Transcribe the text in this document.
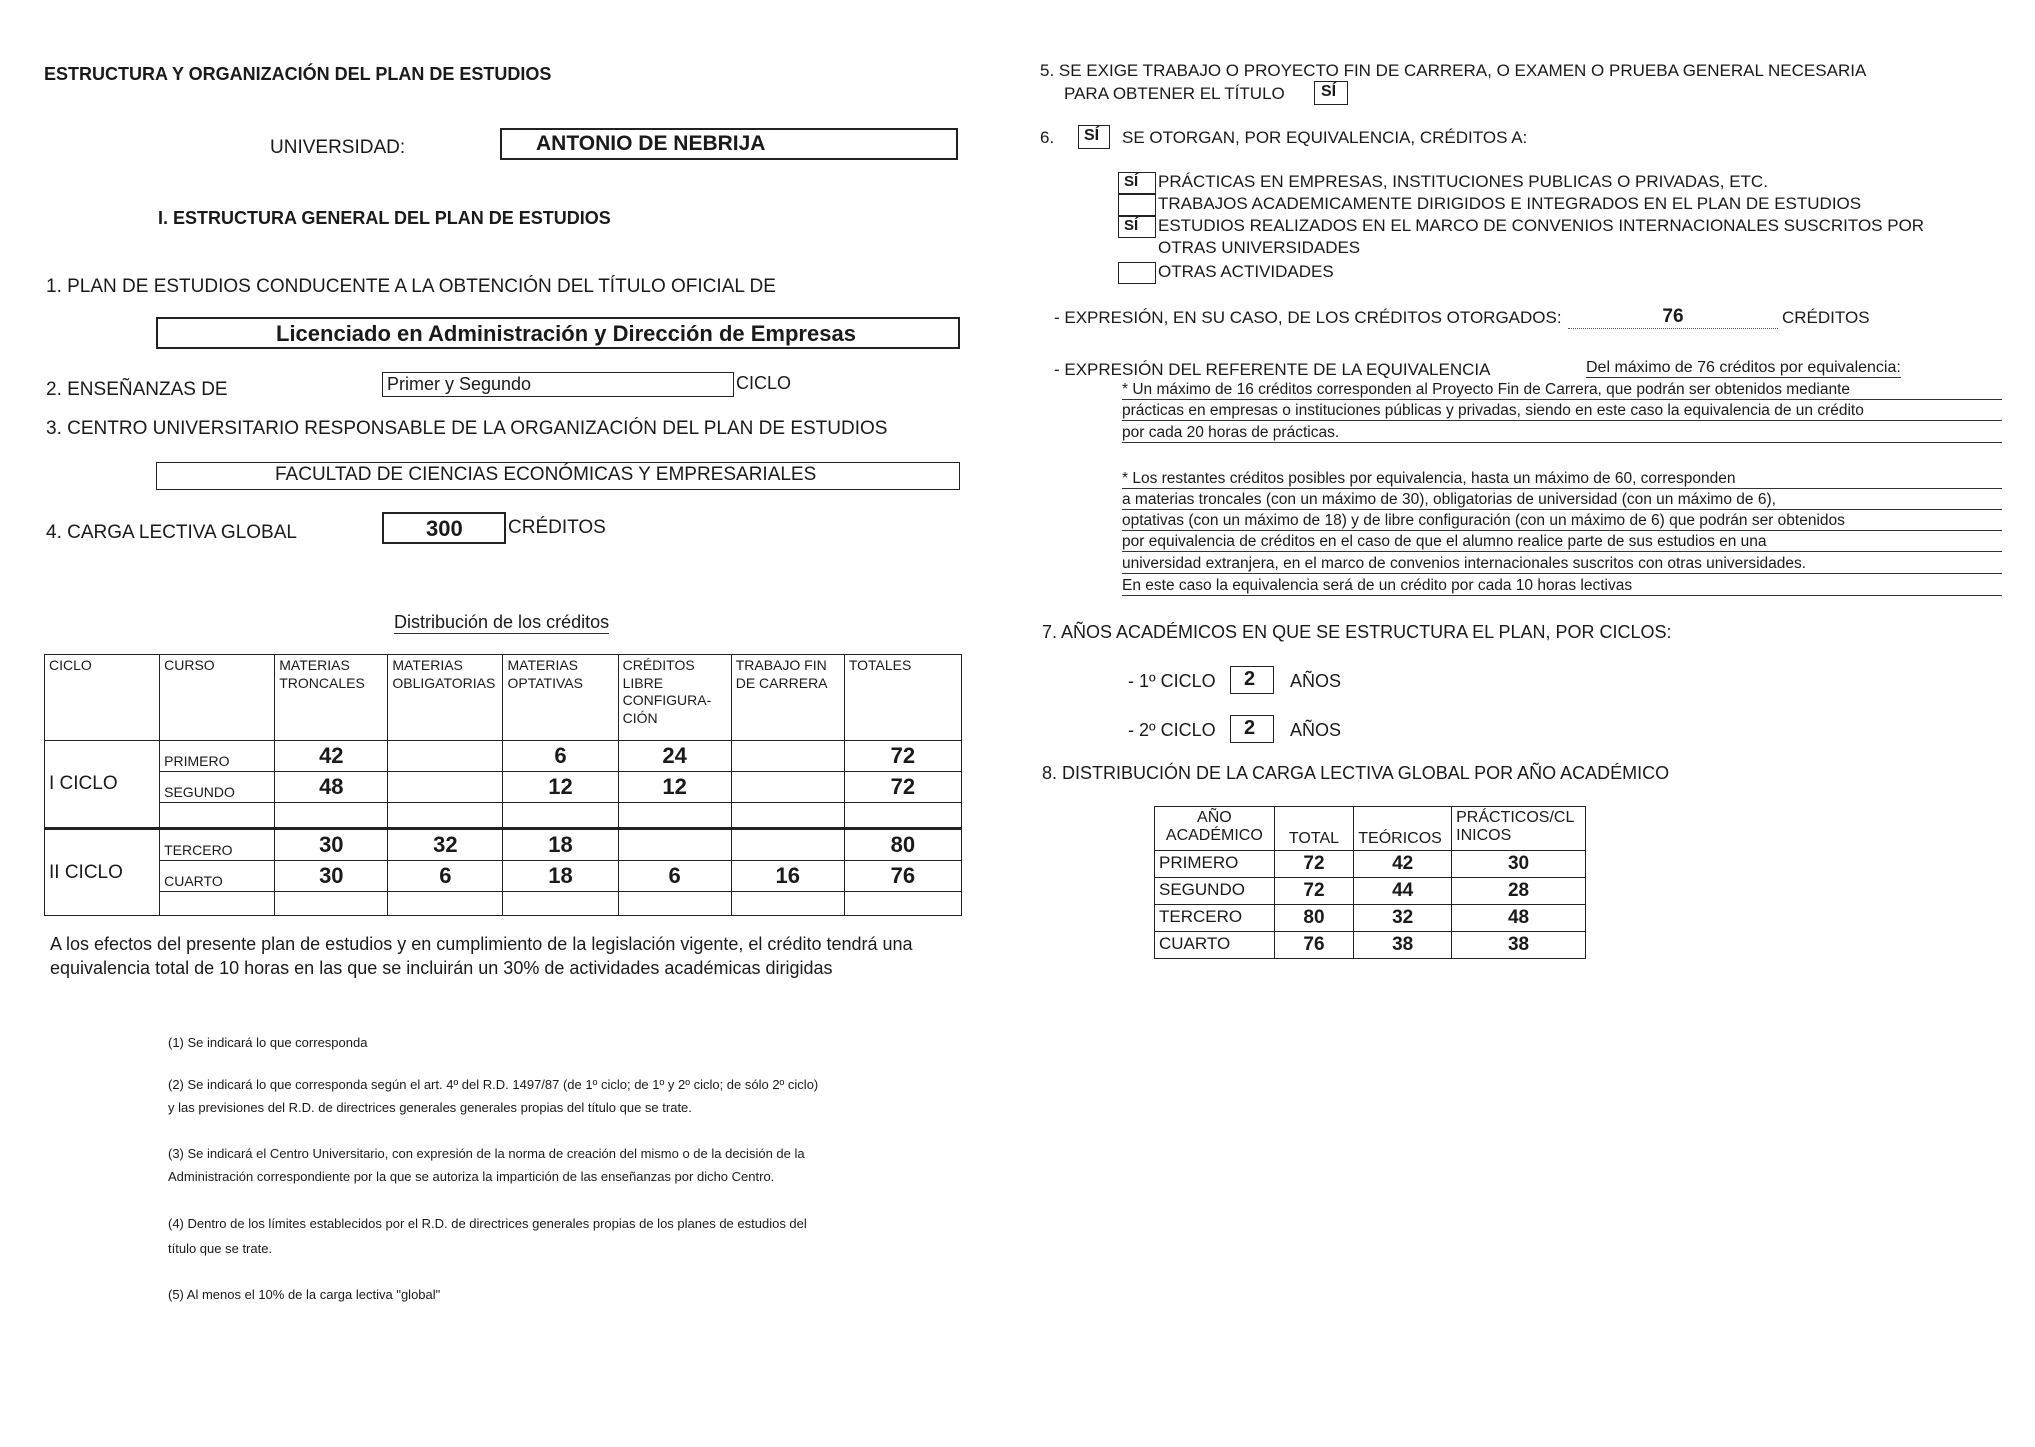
ESTRUCTURA Y ORGANIZACIÓN DEL PLAN DE ESTUDIOS
UNIVERSIDAD:	ANTONIO DE NEBRIJA
I. ESTRUCTURA GENERAL DEL PLAN DE ESTUDIOS
1. PLAN DE ESTUDIOS CONDUCENTE A LA OBTENCIÓN DEL TÍTULO OFICIAL DE
Licenciado en Administración y Dirección de Empresas
2. ENSEÑANZAS DE	Primer y Segundo	CICLO
3. CENTRO UNIVERSITARIO RESPONSABLE DE LA ORGANIZACIÓN DEL PLAN DE ESTUDIOS
FACULTAD DE CIENCIAS ECONÓMICAS Y EMPRESARIALES
4. CARGA LECTIVA GLOBAL	300 CRÉDITOS
Distribución de los créditos
CICLO	CURSO	MATERIAS TRONCALES	MATERIAS OBLIGATORIAS	MATERIAS OPTATIVAS	CRÉDITOS LIBRE CONFIGURA- CIÓN	TRABAJO FIN DE CARRERA	TOTALES
I CICLO	PRIMERO	42		6	24		72
	SEGUNDO	48		12	12		72

II CICLO	TERCERO	30	32	18			80
	CUARTO	30	6	18	6	16	76

A los efectos del presente plan de estudios y en cumplimiento de la legislación vigente, el crédito tendrá una
equivalencia total de 10 horas en las que se incluirán un 30% de actividades académicas dirigidas
(1) Se indicará lo que corresponda
(2) Se indicará lo que corresponda según el art. 4º del R.D. 1497/87 (de 1º ciclo; de 1º y 2º ciclo; de sólo 2º ciclo)
y las previsiones del R.D. de directrices generales generales propias del título que se trate.
(3) Se indicará el Centro Universitario, con expresión de la norma de creación del mismo o de la decisión de la
Administración correspondiente por la que se autoriza la impartición de las enseñanzas por dicho Centro.
(4) Dentro de los límites establecidos por el R.D. de directrices generales propias de los planes de estudios del
título que se trate.
(5) Al menos el 10% de la carga lectiva "global"
5. SE EXIGE TRABAJO O PROYECTO FIN DE CARRERA, O EXAMEN O PRUEBA GENERAL NECESARIA
PARA OBTENER EL TÍTULO SÍ
6. SÍ SE OTORGAN, POR EQUIVALENCIA, CRÉDITOS A:
SÍ PRÁCTICAS EN EMPRESAS, INSTITUCIONES PUBLICAS O PRIVADAS, ETC.
TRABAJOS ACADEMICAMENTE DIRIGIDOS E INTEGRADOS EN EL PLAN DE ESTUDIOS
SÍ ESTUDIOS REALIZADOS EN EL MARCO DE CONVENIOS INTERNACIONALES SUSCRITOS POR
OTRAS UNIVERSIDADES
OTRAS ACTIVIDADES
- EXPRESIÓN, EN SU CASO, DE LOS CRÉDITOS OTORGADOS:	76	CRÉDITOS
- EXPRESIÓN DEL REFERENTE DE LA EQUIVALENCIA	Del máximo de 76 créditos por equivalencia:
* Un máximo de 16 créditos corresponden al Proyecto Fin de Carrera, que podrán ser obtenidos mediante
prácticas en empresas o instituciones públicas y privadas, siendo en este caso la equivalencia de un crédito
por cada 20 horas de prácticas.
* Los restantes créditos posibles por equivalencia, hasta un máximo de 60, corresponden
a materias troncales (con un máximo de 30), obligatorias de universidad (con un máximo de 6),
optativas (con un máximo de 18) y de libre configuración (con un máximo de 6) que podrán ser obtenidos
por equivalencia de créditos en el caso de que el alumno realice parte de sus estudios en una
universidad extranjera, en el marco de convenios internacionales suscritos con otras universidades.
En este caso la equivalencia será de un crédito por cada 10 horas lectivas
7. AÑOS ACADÉMICOS EN QUE SE ESTRUCTURA EL PLAN, POR CICLOS:
- 1º CICLO 2 AÑOS
- 2º CICLO 2 AÑOS
8. DISTRIBUCIÓN DE LA CARGA LECTIVA GLOBAL POR AÑO ACADÉMICO
AÑO ACADÉMICO	TOTAL	TEÓRICOS	PRÁCTICOS/CL INICOS
PRIMERO	72	42	30
SEGUNDO	72	44	28
TERCERO	80	32	48
CUARTO	76	38	38
